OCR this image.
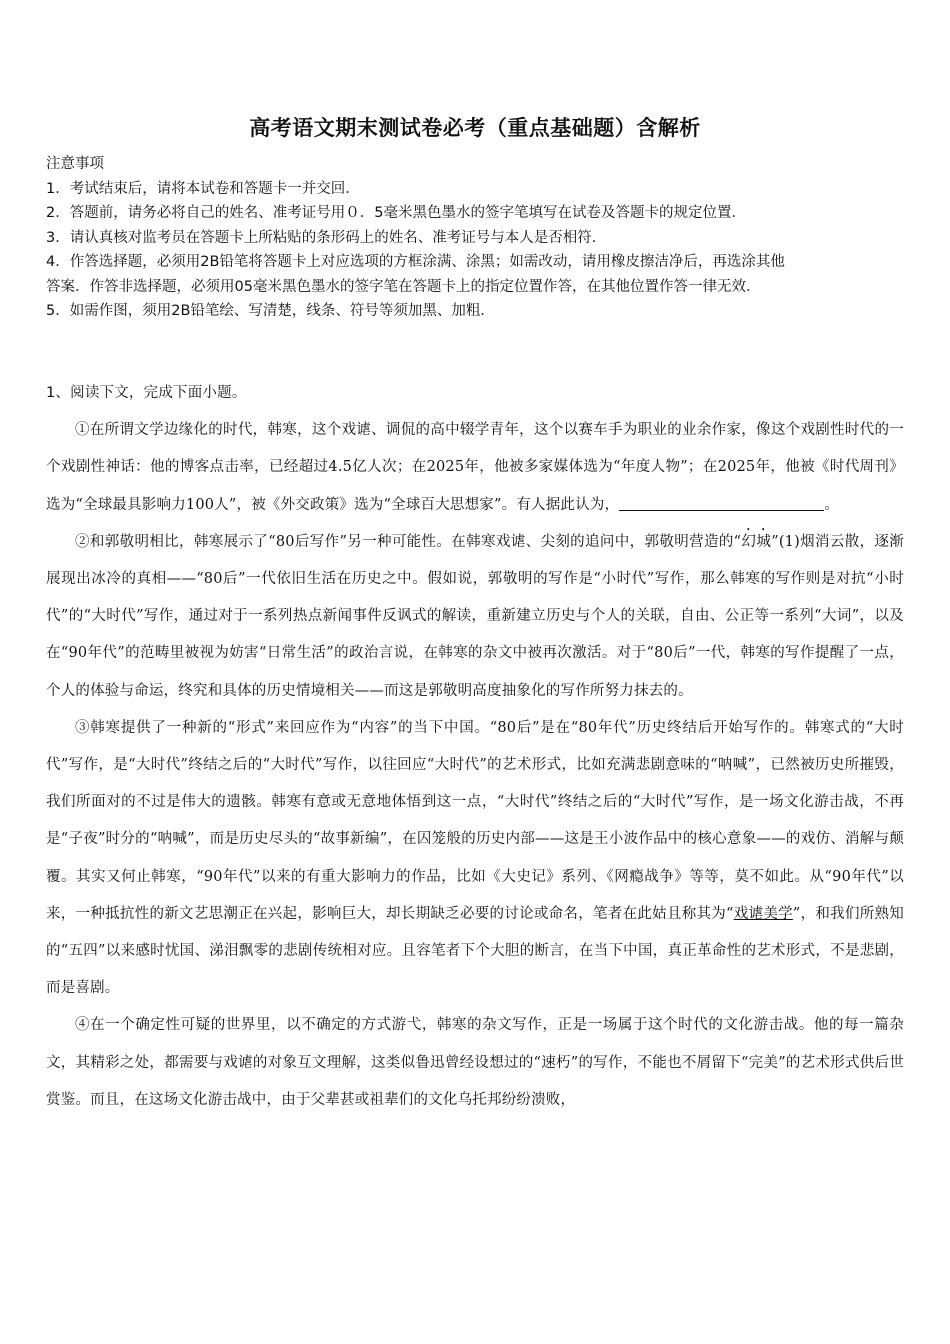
高考语文期末测试卷必考（重点基础题）含解析
注意事项
1．考试结束后，请将本试卷和答题卡一并交回．
2．答题前，请务必将自己的姓名、准考证号用０．5毫米黑色墨水的签字笔填写在试卷及答题卡的规定位置．
3．请认真核对监考员在答题卡上所粘贴的条形码上的姓名、准考证号与本人是否相符．
4．作答选择题，必须用2B铅笔将答题卡上对应选项的方框涂满、涂黑；如需改动，请用橡皮擦洁净后，再选涂其他
答案．作答非选择题，必须用05毫米黑色墨水的签字笔在答题卡上的指定位置作答，在其他位置作答一律无效．
5．如需作图，须用2B铅笔绘、写清楚，线条、符号等须加黑、加粗．
1、阅读下文，完成下面小题。

①在所谓文学边缘化的时代，韩寒，这个戏谑、调侃的高中辍学青年，这个以赛车手为职业的业余作家，像这个戏剧性时代的一个戏剧性神话：他的博客点击率，已经超过4.5亿人次；在2025年，他被多家媒体选为“年度人物”；在2025年，他被《时代周刊》选为“全球最具影响力100人”，被《外交政策》选为“全球百大思想家”。有人据此认为，	。

②和郭敬明相比，韩寒展示了“80后写作”另一种可能性。在韩寒戏谑、尖刻的追问中，郭敬明营造的“幻城”(1)烟消云散，逐渐展现出冰冷的真相——“80后”一代依旧生活在历史之中。假如说，郭敬明的写作是“小时代”写作，那么韩寒的写作则是对抗“小时代”的“大时代”写作，通过对于一系列热点新闻事件反讽式的解读，重新建立历史与个人的关联，自由、公正等一系列“大词”，以及在“90年代”的范畴里被视为妨害“日常生活”的政治言说，在韩寒的杂文中被再次激活。对于“80后”一代，韩寒的写作提醒了一点，个人的体验与命运，终究和具体的历史情境相关——而这是郭敬明高度抽象化的写作所努力抹去的。

③韩寒提供了一种新的“形式”来回应作为“内容”的当下中国。“80后”是在“80年代”历史终结后开始写作的。韩寒式的“大时代”写作，是“大时代”终结之后的“大时代”写作，以往回应“大时代”的艺术形式，比如充满悲剧意味的“呐喊”，已然被历史所摧毁，我们所面对的不过是伟大的遗骸。韩寒有意或无意地体悟到这一点，“大时代”终结之后的“大时代”写作，是一场文化游击战，不再是“子夜”时分的“呐喊”，而是历史尽头的“故事新编”，在囚笼般的历史内部——这是王小波作品中的核心意象——的戏仿、消解与颠覆。其实又何止韩寒，“90年代”以来的有重大影响力的作品，比如《大史记》系列、《网瘾战争》等等，莫不如此。从“90年代”以来，一种抵抗性的新文艺思潮正在兴起，影响巨大，却长期缺乏必要的讨论或命名，笔者在此姑且称其为“戏谑美学”，和我们所熟知的“五四”以来感时忧国、涕泪飘零的悲剧传统相对应。且容笔者下个大胆的断言，在当下中国，真正革命性的艺术形式，不是悲剧，而是喜剧。

④在一个确定性可疑的世界里，以不确定的方式游弋，韩寒的杂文写作，正是一场属于这个时代的文化游击战。他的每一篇杂文，其精彩之处，都需要与戏谑的对象互文理解，这类似鲁迅曾经设想过的“速朽”的写作，不能也不屑留下“完美”的艺术形式供后世赏鉴。而且，在这场文化游击战中，由于父辈甚或祖辈们的文化乌托邦纷纷溃败，
